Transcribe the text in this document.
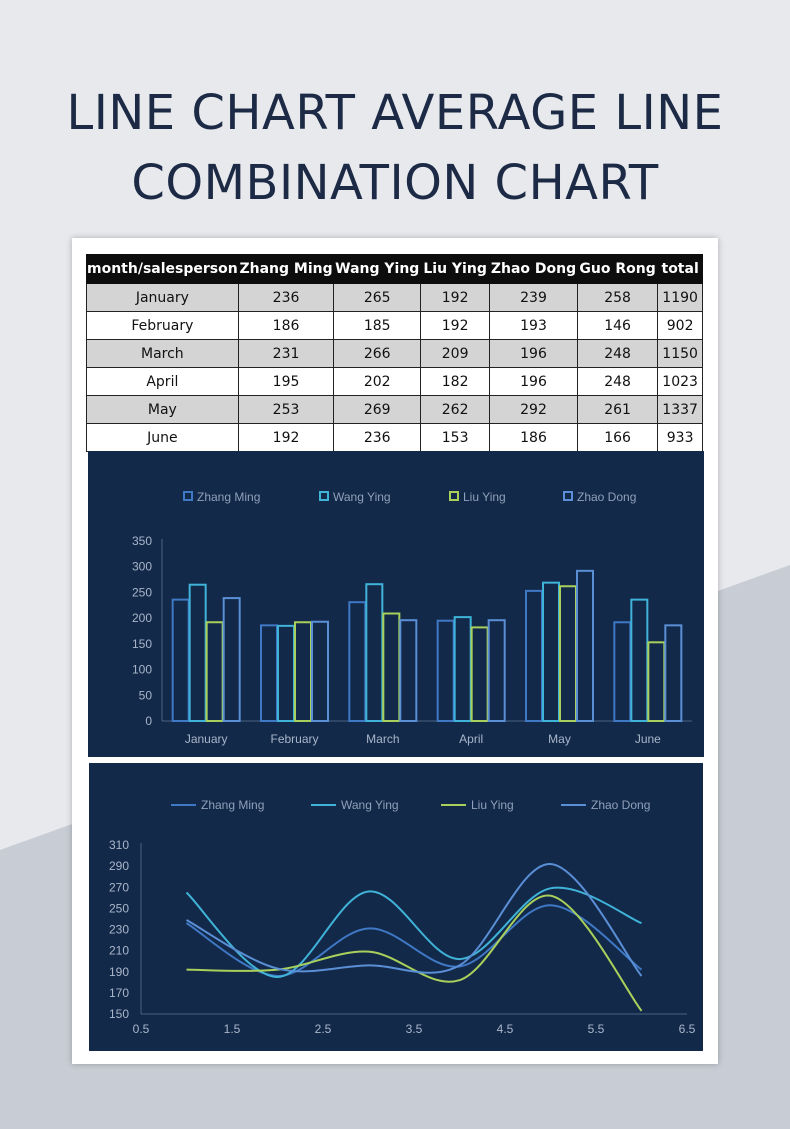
LINE CHART AVERAGE LINE
COMBINATION CHART
month/salesperson	Zhang Ming	Wang Ying	Liu Ying	Zhao Dong	Guo Rong	total
January	236	265	192	239	258	1190
February	186	185	192	193	146	902
March	231	266	209	196	248	1150
April	195	202	182	196	248	1023
May	253	269	262	292	261	1337
June	192	236	153	186	166	933
0
50
100
150
200
250
300
350
January	February	March	April	May	June
Zhang Ming	Wang Ying	Liu Ying	Zhao Dong
150
170
190
210
230
250
270
290
310
0.5	1.5	2.5	3.5	4.5	5.5	6.5
Zhang Ming	Wang Ying	Liu Ying	Zhao Dong
